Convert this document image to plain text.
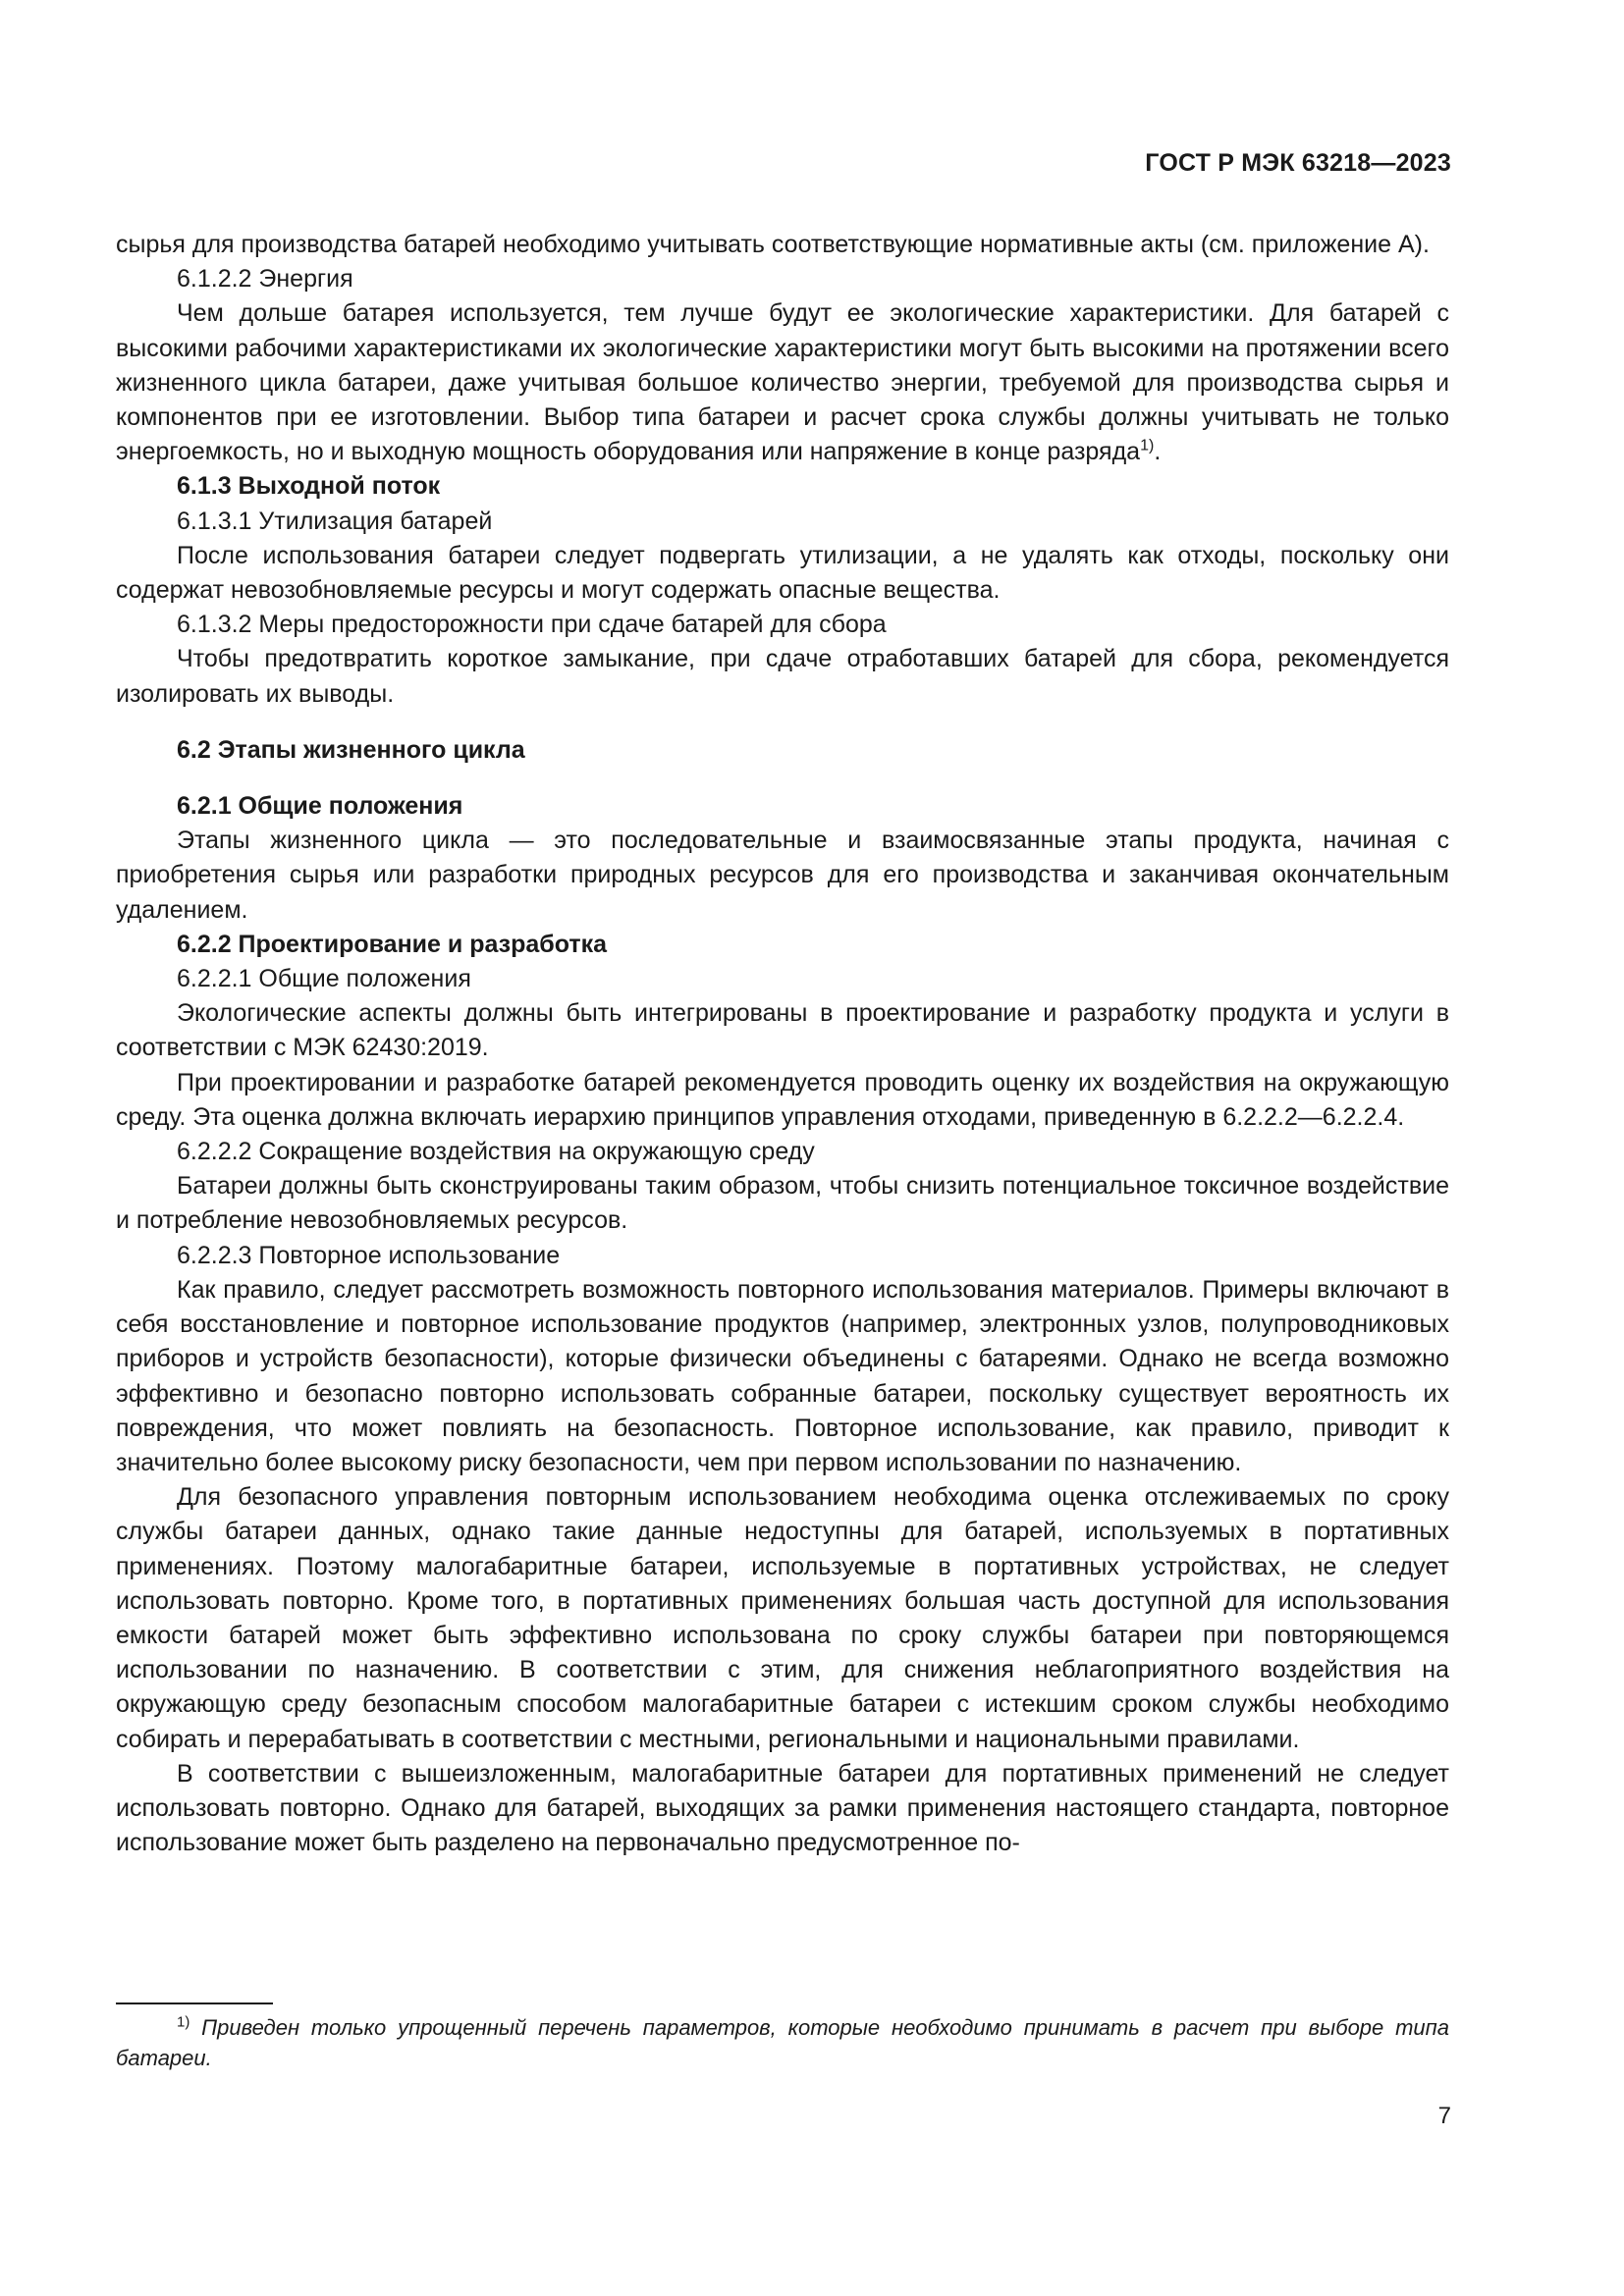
ГОСТ Р МЭК 63218—2023

сырья для производства батарей необходимо учитывать соответствующие нормативные акты (см. приложение А).

6.1.2.2 Энергия

Чем дольше батарея используется, тем лучше будут ее экологические характеристики. Для батарей с высокими рабочими характеристиками их экологические характеристики могут быть высокими на протяжении всего жизненного цикла батареи, даже учитывая большое количество энергии, требуемой для производства сырья и компонентов при ее изготовлении. Выбор типа батареи и расчет срока службы должны учитывать не только энергоемкость, но и выходную мощность оборудования или напряжение в конце разряда$^{1)}$.

6.1.3 Выходной поток

6.1.3.1 Утилизация батарей

После использования батареи следует подвергать утилизации, а не удалять как отходы, поскольку они содержат невозобновляемые ресурсы и могут содержать опасные вещества.

6.1.3.2 Меры предосторожности при сдаче батарей для сбора

Чтобы предотвратить короткое замыкание, при сдаче отработавших батарей для сбора, рекомендуется изолировать их выводы.

6.2 Этапы жизненного цикла

6.2.1 Общие положения

Этапы жизненного цикла — это последовательные и взаимосвязанные этапы продукта, начиная с приобретения сырья или разработки природных ресурсов для его производства и заканчивая окончательным удалением.

6.2.2 Проектирование и разработка

6.2.2.1 Общие положения

Экологические аспекты должны быть интегрированы в проектирование и разработку продукта и услуги в соответствии с МЭК 62430:2019.

При проектировании и разработке батарей рекомендуется проводить оценку их воздействия на окружающую среду. Эта оценка должна включать иерархию принципов управления отходами, приведенную в 6.2.2.2—6.2.2.4.

6.2.2.2 Сокращение воздействия на окружающую среду

Батареи должны быть сконструированы таким образом, чтобы снизить потенциальное токсичное воздействие и потребление невозобновляемых ресурсов.

6.2.2.3 Повторное использование

Как правило, следует рассмотреть возможность повторного использования материалов. Примеры включают в себя восстановление и повторное использование продуктов (например, электронных узлов, полупроводниковых приборов и устройств безопасности), которые физически объединены с батареями. Однако не всегда возможно эффективно и безопасно повторно использовать собранные батареи, поскольку существует вероятность их повреждения, что может повлиять на безопасность. Повторное использование, как правило, приводит к значительно более высокому риску безопасности, чем при первом использовании по назначению.

Для безопасного управления повторным использованием необходима оценка отслеживаемых по сроку службы батареи данных, однако такие данные недоступны для батарей, используемых в портативных применениях. Поэтому малогабаритные батареи, используемые в портативных устройствах, не следует использовать повторно. Кроме того, в портативных применениях большая часть доступной для использования емкости батарей может быть эффективно использована по сроку службы батареи при повторяющемся использовании по назначению. В соответствии с этим, для снижения неблагоприятного воздействия на окружающую среду безопасным способом малогабаритные батареи с истекшим сроком службы необходимо собирать и перерабатывать в соответствии с местными, региональными и национальными правилами.

В соответствии с вышеизложенным, малогабаритные батареи для портативных применений не следует использовать повторно. Однако для батарей, выходящих за рамки применения настоящего стандарта, повторное использование может быть разделено на первоначально предусмотренное по-

$^{1)}$ Приведен только упрощенный перечень параметров, которые необходимо принимать в расчет при выборе типа батареи.

7
